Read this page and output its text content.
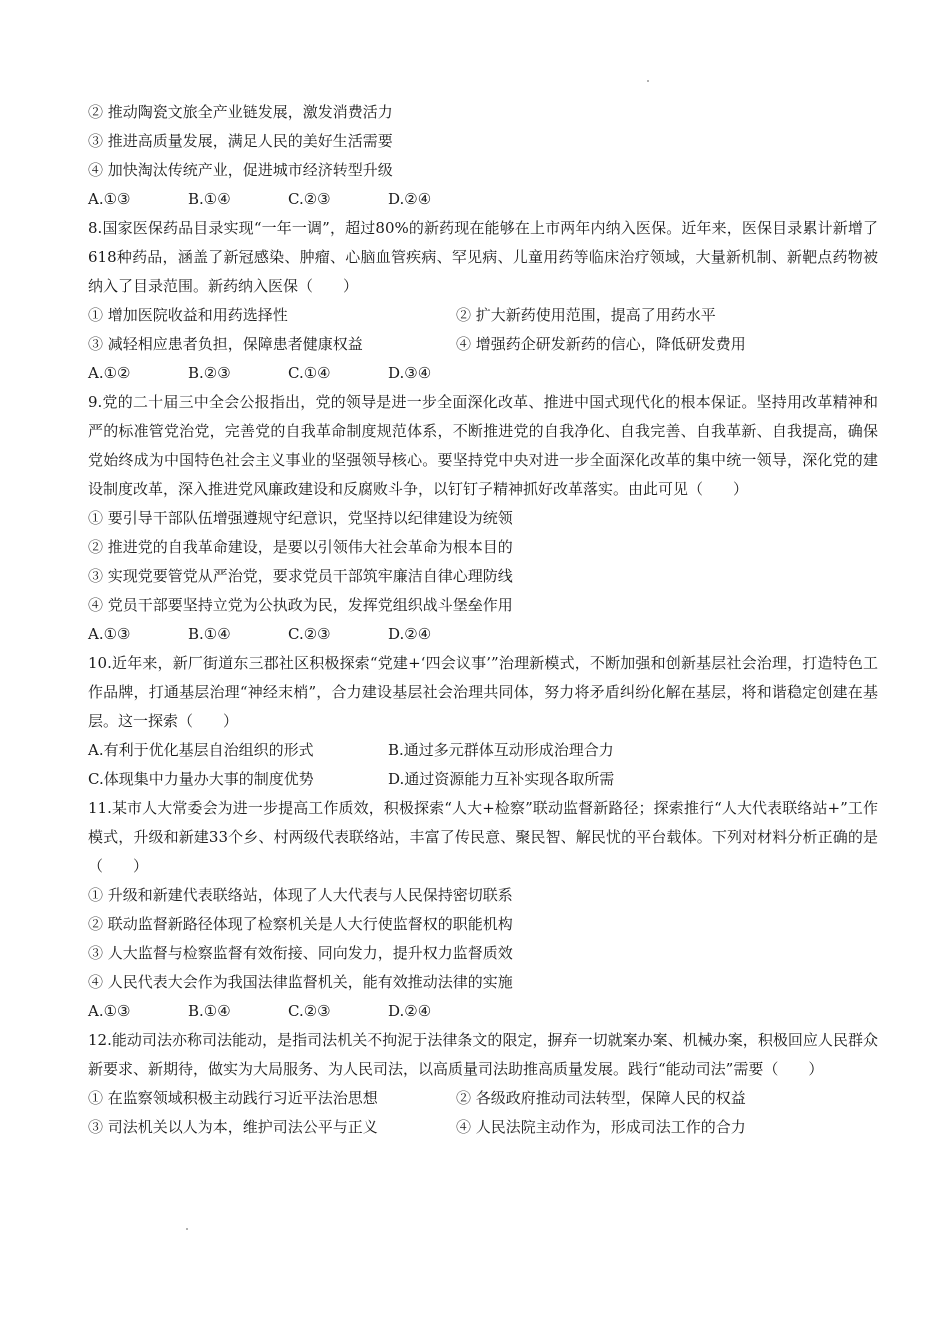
② 推动陶瓷文旅全产业链发展，激发消费活力
③ 推进高质量发展，满足人民的美好生活需要
④ 加快淘汰传统产业，促进城市经济转型升级
A.①③	B.①④	C.②③	D.②④
8.国家医保药品目录实现“一年一调”，超过80%的新药现在能够在上市两年内纳入医保。近年来，医保目录累计新增了618种药品，涵盖了新冠感染、肿瘤、心脑血管疾病、罕见病、儿童用药等临床治疗领域，大量新机制、新靶点药物被纳入了目录范围。新药纳入医保（　　）
① 增加医院收益和用药选择性	② 扩大新药使用范围，提高了用药水平
③ 减轻相应患者负担，保障患者健康权益	④ 增强药企研发新药的信心，降低研发费用
A.①②	B.②③	C.①④	D.③④
9.党的二十届三中全会公报指出，党的领导是进一步全面深化改革、推进中国式现代化的根本保证。坚持用改革精神和严的标准管党治党，完善党的自我革命制度规范体系，不断推进党的自我净化、自我完善、自我革新、自我提高，确保党始终成为中国特色社会主义事业的坚强领导核心。要坚持党中央对进一步全面深化改革的集中统一领导，深化党的建设制度改革，深入推进党风廉政建设和反腐败斗争，以钉钉子精神抓好改革落实。由此可见（　　）
① 要引导干部队伍增强遵规守纪意识，党坚持以纪律建设为统领
② 推进党的自我革命建设，是要以引领伟大社会革命为根本目的
③ 实现党要管党从严治党，要求党员干部筑牢廉洁自律心理防线
④ 党员干部要坚持立党为公执政为民，发挥党组织战斗堡垒作用
A.①③	B.①④	C.②③	D.②④
10.近年来，新厂街道东三郡社区积极探索“党建+‘四会议事’”治理新模式，不断加强和创新基层社会治理，打造特色工作品牌，打通基层治理“神经末梢”，合力建设基层社会治理共同体，努力将矛盾纠纷化解在基层，将和谐稳定创建在基层。这一探索（　　）
A.有利于优化基层自治组织的形式	B.通过多元群体互动形成治理合力
C.体现集中力量办大事的制度优势	D.通过资源能力互补实现各取所需
11.某市人大常委会为进一步提高工作质效，积极探索“人大+检察”联动监督新路径；探索推行“人大代表联络站+”工作模式，升级和新建33个乡、村两级代表联络站，丰富了传民意、聚民智、解民忧的平台载体。下列对材料分析正确的是（　　）
① 升级和新建代表联络站，体现了人大代表与人民保持密切联系
② 联动监督新路径体现了检察机关是人大行使监督权的职能机构
③ 人大监督与检察监督有效衔接、同向发力，提升权力监督质效
④ 人民代表大会作为我国法律监督机关，能有效推动法律的实施
A.①③	B.①④	C.②③	D.②④
12.能动司法亦称司法能动，是指司法机关不拘泥于法律条文的限定，摒弃一切就案办案、机械办案，积极回应人民群众新要求、新期待，做实为大局服务、为人民司法，以高质量司法助推高质量发展。践行“能动司法”需要（　　）
① 在监察领域积极主动践行习近平法治思想	② 各级政府推动司法转型，保障人民的权益
③ 司法机关以人为本，维护司法公平与正义	④ 人民法院主动作为，形成司法工作的合力
